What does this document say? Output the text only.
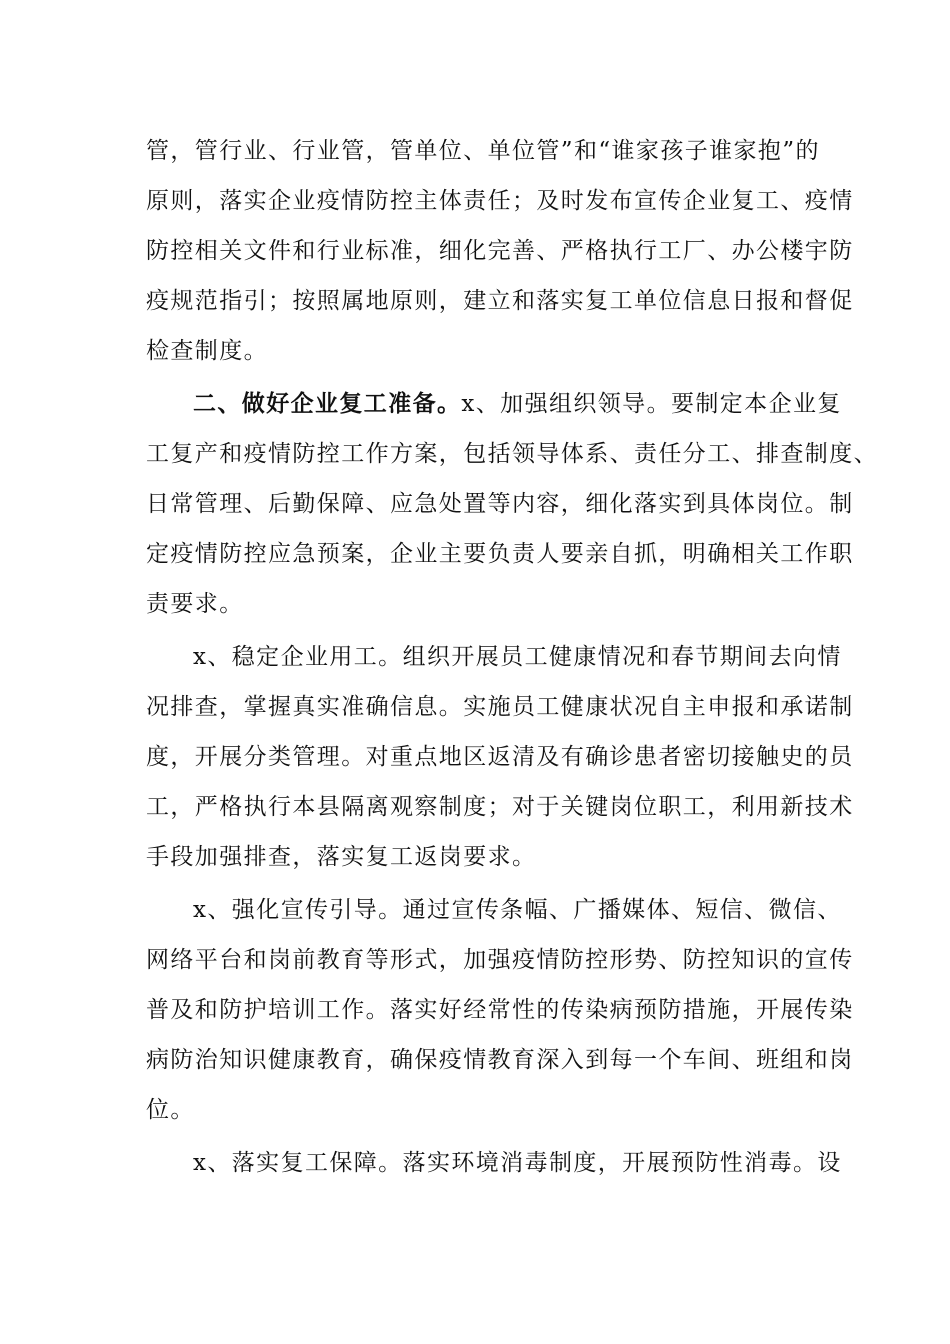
管，管行业、行业管，管单位、单位管”和“谁家孩子谁家抱”的
原则，落实企业疫情防控主体责任；及时发布宣传企业复工、疫情
防控相关文件和行业标准，细化完善、严格执行工厂、办公楼宇防
疫规范指引；按照属地原则，建立和落实复工单位信息日报和督促
检查制度。
二、做好企业复工准备。x、加强组织领导。要制定本企业复
工复产和疫情防控工作方案，包括领导体系、责任分工、排查制度、
日常管理、后勤保障、应急处置等内容，细化落实到具体岗位。制
定疫情防控应急预案，企业主要负责人要亲自抓，明确相关工作职
责要求。
x、稳定企业用工。组织开展员工健康情况和春节期间去向情
况排查，掌握真实准确信息。实施员工健康状况自主申报和承诺制
度，开展分类管理。对重点地区返清及有确诊患者密切接触史的员
工，严格执行本县隔离观察制度；对于关键岗位职工，利用新技术
手段加强排查，落实复工返岗要求。
x、强化宣传引导。通过宣传条幅、广播媒体、短信、微信、
网络平台和岗前教育等形式，加强疫情防控形势、防控知识的宣传
普及和防护培训工作。落实好经常性的传染病预防措施，开展传染
病防治知识健康教育，确保疫情教育深入到每一个车间、班组和岗
位。
x、落实复工保障。落实环境消毒制度，开展预防性消毒。设
